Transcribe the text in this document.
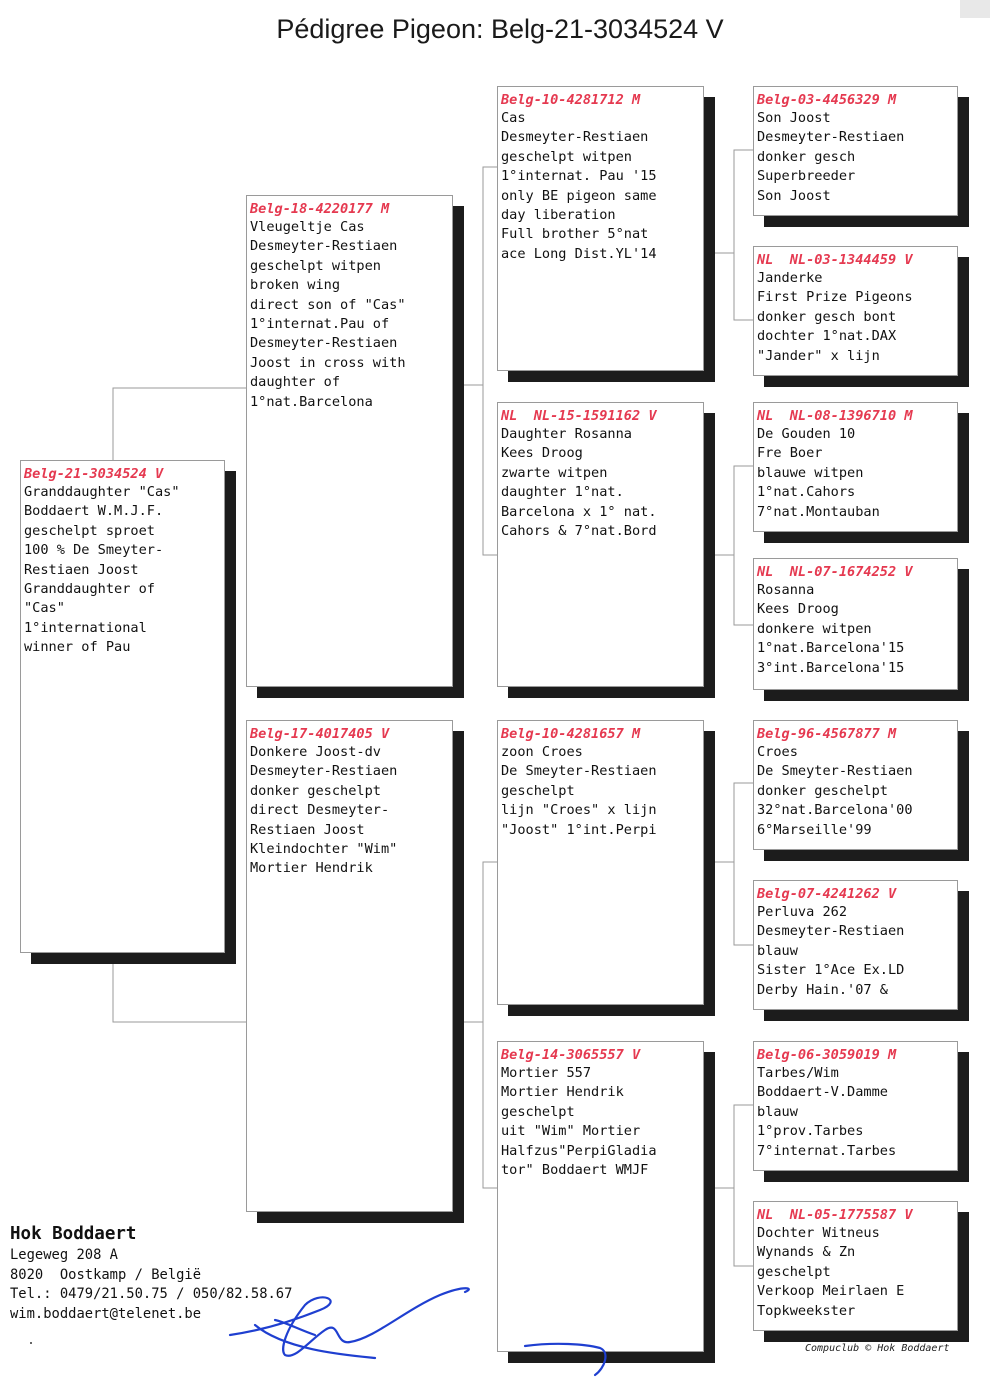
Pédigree Pigeon: Belg-21-3034524 V
Belg-21-3034524 V
Granddaughter "Cas"
Boddaert W.M.J.F.
geschelpt sproet
100 % De Smeyter-
Restiaen Joost
Granddaughter of
"Cas"
1°international
winner of Pau
Belg-18-4220177 M
Vleugeltje Cas
Desmeyter-Restiaen
geschelpt witpen
broken wing
direct son of "Cas"
1°internat.Pau of
Desmeyter-Restiaen
Joost in cross with
daughter of
1°nat.Barcelona
Belg-17-4017405 V
Donkere Joost-dv
Desmeyter-Restiaen
donker geschelpt
direct Desmeyter-
Restiaen Joost
Kleindochter "Wim"
Mortier Hendrik
Belg-10-4281712 M
Cas
Desmeyter-Restiaen
geschelpt witpen
1°internat. Pau '15
only BE pigeon same
day liberation
Full brother 5°nat
ace Long Dist.YL'14
NL  NL-15-1591162 V
Daughter Rosanna
Kees Droog
zwarte witpen
daughter 1°nat.
Barcelona x 1° nat.
Cahors & 7°nat.Bord
Belg-10-4281657 M
zoon Croes
De Smeyter-Restiaen
geschelpt
lijn "Croes" x lijn
"Joost" 1°int.Perpi
Belg-14-3065557 V
Mortier 557
Mortier Hendrik
geschelpt
uit "Wim" Mortier
Halfzus"PerpiGladia
tor" Boddaert WMJF
Belg-03-4456329 M
Son Joost
Desmeyter-Restiaen
donker gesch
Superbreeder
Son Joost
NL  NL-03-1344459 V
Janderke
First Prize Pigeons
donker gesch bont
dochter 1°nat.DAX
"Jander" x lijn
NL  NL-08-1396710 M
De Gouden 10
Fre Boer
blauwe witpen
1°nat.Cahors
7°nat.Montauban
NL  NL-07-1674252 V
Rosanna
Kees Droog
donkere witpen
1°nat.Barcelona'15
3°int.Barcelona'15
Belg-96-4567877 M
Croes
De Smeyter-Restiaen
donker geschelpt
32°nat.Barcelona'00
6°Marseille'99
Belg-07-4241262 V
Perluva 262
Desmeyter-Restiaen
blauw
Sister 1°Ace Ex.LD
Derby Hain.'07 &
Belg-06-3059019 M
Tarbes/Wim
Boddaert-V.Damme
blauw
1°prov.Tarbes
7°internat.Tarbes
NL  NL-05-1775587 V
Dochter Witneus
Wynands & Zn
geschelpt
Verkoop Meirlaen E
Topkweekster
Hok Boddaert
Legeweg 208 A
8020  Oostkamp / België
Tel.: 0479/21.50.75 / 050/82.58.67
wim.boddaert@telenet.be
Compuclub © Hok Boddaert
